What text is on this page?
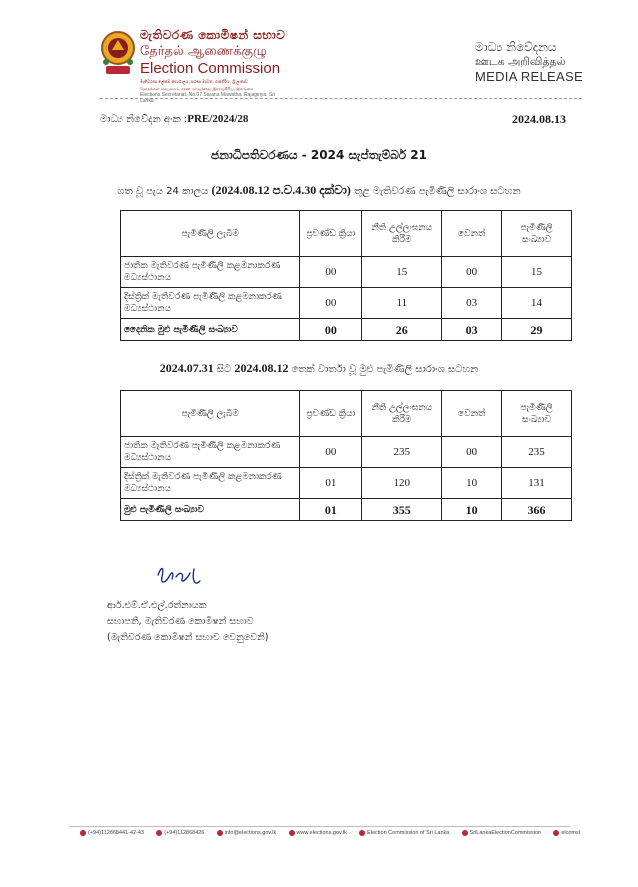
මැතිවරණ කොමිෂන් සභාව
தேர்தல் ஆணைக்குழு
Election Commission
මැතිවරණ ලේකම් කාර්යාලය, සරණ මාවත, රාජගිරිය, ශ්‍රී ලංකාව
தேர்தல்கள் செயலகம், சரண மாவத்தை, இராஜகிரிய, இலங்கை
Elections Secretariat, No.07 Sarana Mawatha, Rajagiriya, Sri Lanka
මාධ්‍ය නිවේදනය
ஊடக அறிவித்தல்
MEDIA RELEASE
මාධ්‍ය නිවේදන අංක :PRE/2024/28	2024.08.13
ජනාධිපතිවරණය - 2024 සැප්තැම්බර් 21
ගත වූ පැය 24 කාලය (2024.08.12 ප.ව.4.30 දක්වා) තුළ මැතිවරණ පැමිණිලි සාරාංශ සටහන
පැමිණිලි ලැබීම	ප්‍රචණ්ඩ ක්‍රියා	නීති උල්ලංඝනය කිරීම	වෙනත්	පැමිණිලි සංඛ්‍යාව
ජාතික මැතිවරණ පැමිණිලි කළමනාකරණ මධ්‍යස්ථානය	00	15	00	15
දිස්ත්‍රික් මැතිවරණ පැමිණිලි කළමනාකරණ මධ්‍යස්ථානය	00	11	03	14
දෛනික මුළු පැමිණිලි සංඛ්‍යාව	00	26	03	29
2024.07.31 සිට 2024.08.12 තෙක් වාර්තා වූ මුළු පැමිණිලි සාරාංශ සටහන
පැමිණිලි ලැබීම	ප්‍රචණ්ඩ ක්‍රියා	නීති උල්ලංඝනය කිරීම	වෙනත්	පැමිණිලි සංඛ්‍යාව
ජාතික මැතිවරණ පැමිණිලි කළමනාකරණ මධ්‍යස්ථානය	00	235	00	235
දිස්ත්‍රික් මැතිවරණ පැමිණිලි කළමනාකරණ මධ්‍යස්ථානය	01	120	10	131
මුළු පැමිණිලි සංඛ්‍යාව	01	355	10	366
ආර්.එම්.ඒ.එල්.රත්නායක
සභාපති, මැතිවරණ කොමිෂන් සභාව
(මැතිවරණ කොමිෂන් සභාව වෙනුවෙනි)
(+94)112868441-42-43	(+94)112868426	info@elections.gov.lk	www.elections.gov.lk	Election Commission of Sri Lanka	SriLankaElectionCommission	elcomsl
